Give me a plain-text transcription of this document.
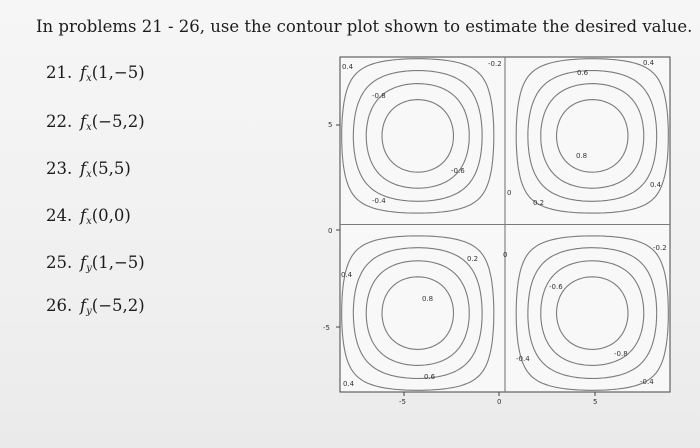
In problems 21 - 26, use the contour plot shown to estimate the desired value.
21. $f_x(1,-5)$
22. $f_x(-5,2)$
23. $f_x(5,5)$
24. $f_x(0,0)$
25. $f_y(1,-5)$
26. $f_y(-5,2)$
5
0
-5
-5	0	5
0.4	-0.2
0.6
0.4
-0.8
0.8
-0.6
-0.4	0.2
0
0.4
0.2	0
-0.2
0.4
-0.6
0.8
-0.4
-0.8
0.4
0.6
-0.4
